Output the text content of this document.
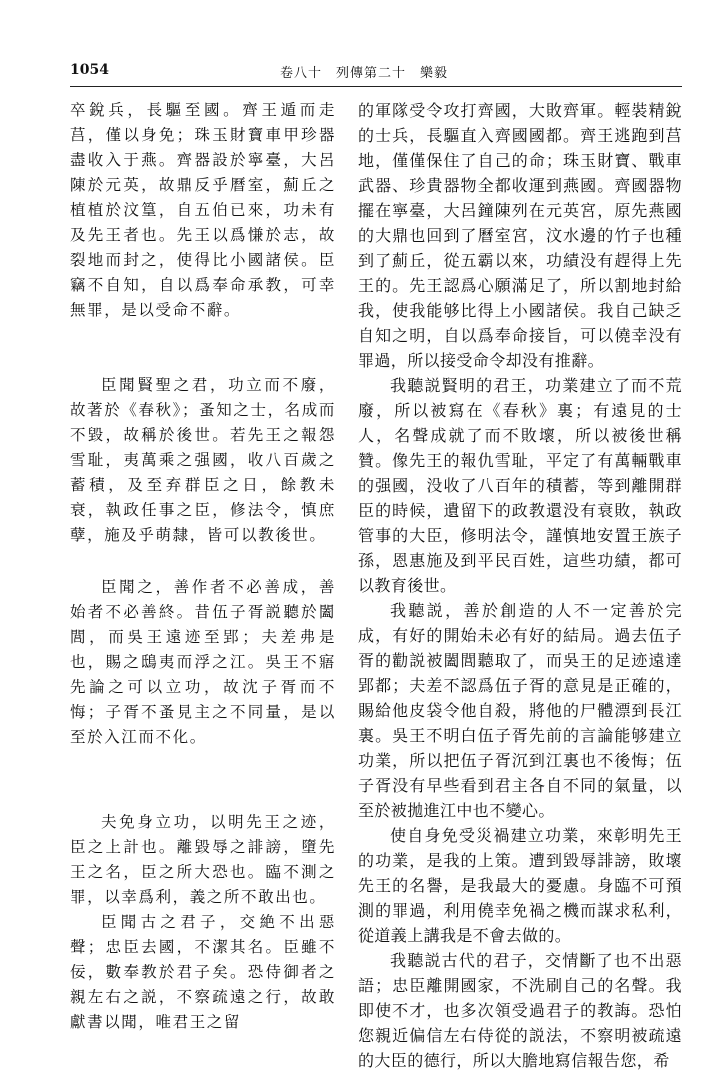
1054	卷八十　列傳第二十　樂毅

卒銳兵，長驅至國。齊王遁而走莒，僅以身免；珠玉財寶車甲珍器盡收入于燕。齊器設於寧臺，大呂陳於元英，故鼎反乎曆室，薊丘之植植於汶篁，自五伯已來，功未有及先王者也。先王以爲慊於志，故裂地而封之，使得比小國諸侯。臣竊不自知，自以爲奉命承教，可幸無罪，是以受命不辭。

臣聞賢聖之君，功立而不廢，故著於《春秋》；蚤知之士，名成而不毀，故稱於後世。若先王之報怨雪耻，夷萬乘之强國，收八百歲之蓄積，及至弃群臣之日，餘教未衰，執政任事之臣，修法令，慎庶孽，施及乎萌隸，皆可以教後世。

臣聞之，善作者不必善成，善始者不必善終。昔伍子胥説聽於闔閭，而吳王遠迹至郢；夫差弗是也，賜之鴟夷而浮之江。吳王不寤先論之可以立功，故沈子胥而不悔；子胥不蚤見主之不同量，是以至於入江而不化。

夫免身立功，以明先王之迹，臣之上計也。離毀辱之誹謗，墮先王之名，臣之所大恐也。臨不測之罪，以幸爲利，義之所不敢出也。

臣聞古之君子，交絶不出惡聲；忠臣去國，不潔其名。臣雖不佞，數奉教於君子矣。恐侍御者之親左右之説，不察疏遠之行，故敢獻書以聞，唯君王之留

的軍隊受令攻打齊國，大敗齊軍。輕裝精銳的士兵，長驅直入齊國國都。齊王逃跑到莒地，僅僅保住了自己的命；珠玉財寶、戰車武器、珍貴器物全都收運到燕國。齊國器物擺在寧臺，大呂鐘陳列在元英宮，原先燕國的大鼎也回到了曆室宮，汶水邊的竹子也種到了薊丘，從五霸以來，功績没有趕得上先王的。先王認爲心願滿足了，所以割地封給我，使我能够比得上小國諸侯。我自己缺乏自知之明，自以爲奉命接旨，可以僥幸没有罪過，所以接受命令却没有推辭。

我聽説賢明的君王，功業建立了而不荒廢，所以被寫在《春秋》裏；有遠見的士人，名聲成就了而不敗壞，所以被後世稱贊。像先王的報仇雪耻，平定了有萬輛戰車的强國，没收了八百年的積蓄，等到離開群臣的時候，遺留下的政教還没有衰敗，執政管事的大臣，修明法令，謹慎地安置王族子孫，恩惠施及到平民百姓，這些功績，都可以教育後世。

我聽説，善於創造的人不一定善於完成，有好的開始未必有好的結局。過去伍子胥的勸説被闔閭聽取了，而吳王的足迹遠達郢都；夫差不認爲伍子胥的意見是正確的，賜給他皮袋令他自殺，將他的尸體漂到長江裏。吳王不明白伍子胥先前的言論能够建立功業，所以把伍子胥沉到江裏也不後悔；伍子胥没有早些看到君主各自不同的氣量，以至於被拋進江中也不變心。

使自身免受災禍建立功業，來彰明先王的功業，是我的上策。遭到毀辱誹謗，敗壞先王的名譽，是我最大的憂慮。身臨不可預測的罪過，利用僥幸免禍之機而謀求私利，從道義上講我是不會去做的。

我聽説古代的君子，交情斷了也不出惡語；忠臣離開國家，不洗刷自己的名聲。我即使不才，也多次領受過君子的教誨。恐怕您親近偏信左右侍從的説法，不察明被疏遠的大臣的德行，所以大膽地寫信報告您，希
